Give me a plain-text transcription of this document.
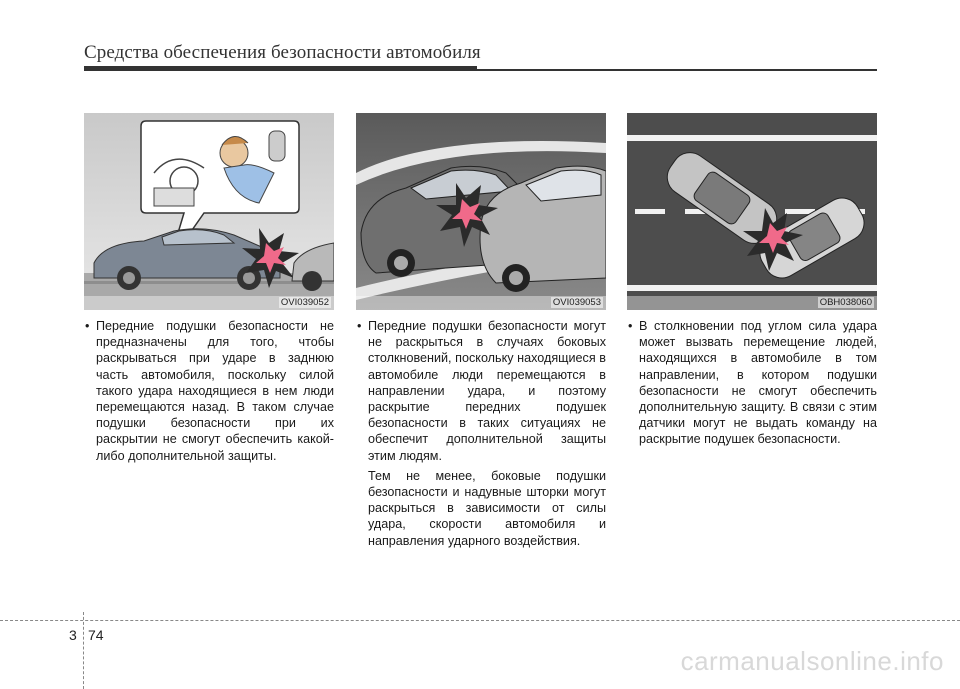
Средства обеспечения безопасности автомобиля
OVI039052	OVI039053	OBH038060

• Передние подушки безопасности не предназначены для того, чтобы раскрываться при ударе в заднюю часть автомобиля, поскольку силой такого удара находящиеся в нем люди перемещаются назад. В таком случае подушки безопасности при их раскрытии не смогут обеспечить какой-либо дополнительной защиты.

• Передние подушки безопасности могут не раскрыться в случаях боковых столкновений, поскольку находящиеся в автомобиле люди перемещаются в направлении удара, и поэтому раскрытие передних подушек безопасности в таких ситуациях не обеспечит дополнительной защиты этим людям.

Тем не менее, боковые подушки безопасности и надувные шторки могут раскрыться в зависимости от силы удара, скорости автомобиля и направления ударного воздействия.

• В столкновении под углом сила удара может вызвать перемещение людей, находящихся в автомобиле в том направлении, в котором подушки безопасности не смогут обеспечить дополнительную защиту. В связи с этим датчики могут не выдать команду на раскрытие подушек безопасности.

3 74
carmanualsonline.info
